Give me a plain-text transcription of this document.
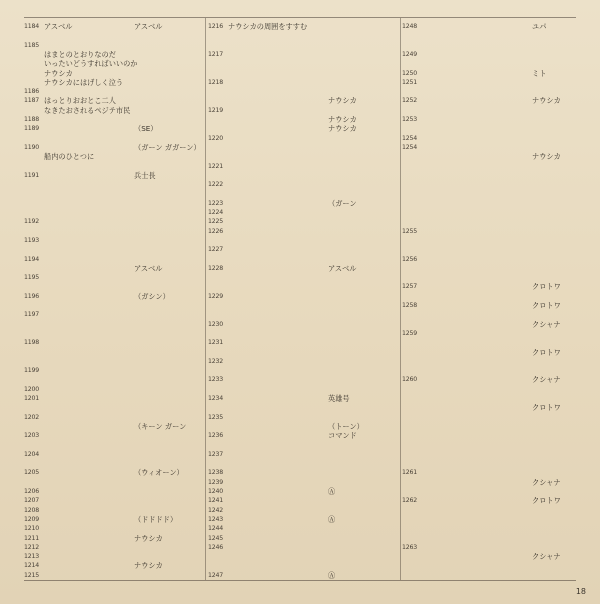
1184 アスベル
1185
はまとのとおりなのだ
いったいどうすればいいのか
ナウシカ
ナウシカにはげしく泣う
1186
1187 はっとりおおとこ二人
なきたおされるペジテ市民
1188
1189
1190
船内のひとつに
1191
1192
1193
1194
1195
1196
1197
1198
1199
1200
1201
1202
1203
1204
1205
1206
1207
1208
1209
1210
1211
1212
1213
1214
1215
アスベル
（SE）
（ガーン ガガーン）
兵士長
アスベル
（ガシン）
（キーン ガーン
（ウィオーン）
（ドドドド）
ナウシカ
ナウシカ
1216 ナウシカの周囲をすすむ
1217
1218
1219
1220
1221
1222
1223
1224
1225
1226
1227
1228
1229
1230
1231
1232
1233
1234
1235
1236
1237
1238
1239
1240
1241
1242
1243
1244
1245
1246
1247
ナウシカ
ナウシカ
ナウシカ
（ガーン
アスベル
英雄号
（トーン）
コマンド
Ⓐ
Ⓐ
Ⓐ
1248
1249
1250
1251
1252
1253
1254
1254
1255
1256
1257
1258
1259
1260
1261
1262
1263
ユパ
ミト
ナウシカ
ナウシカ
クロトワ
クロトワ
クシャナ
クロトワ
クシャナ
クロトワ
クシャナ
クロトワ
クシャナ
18
